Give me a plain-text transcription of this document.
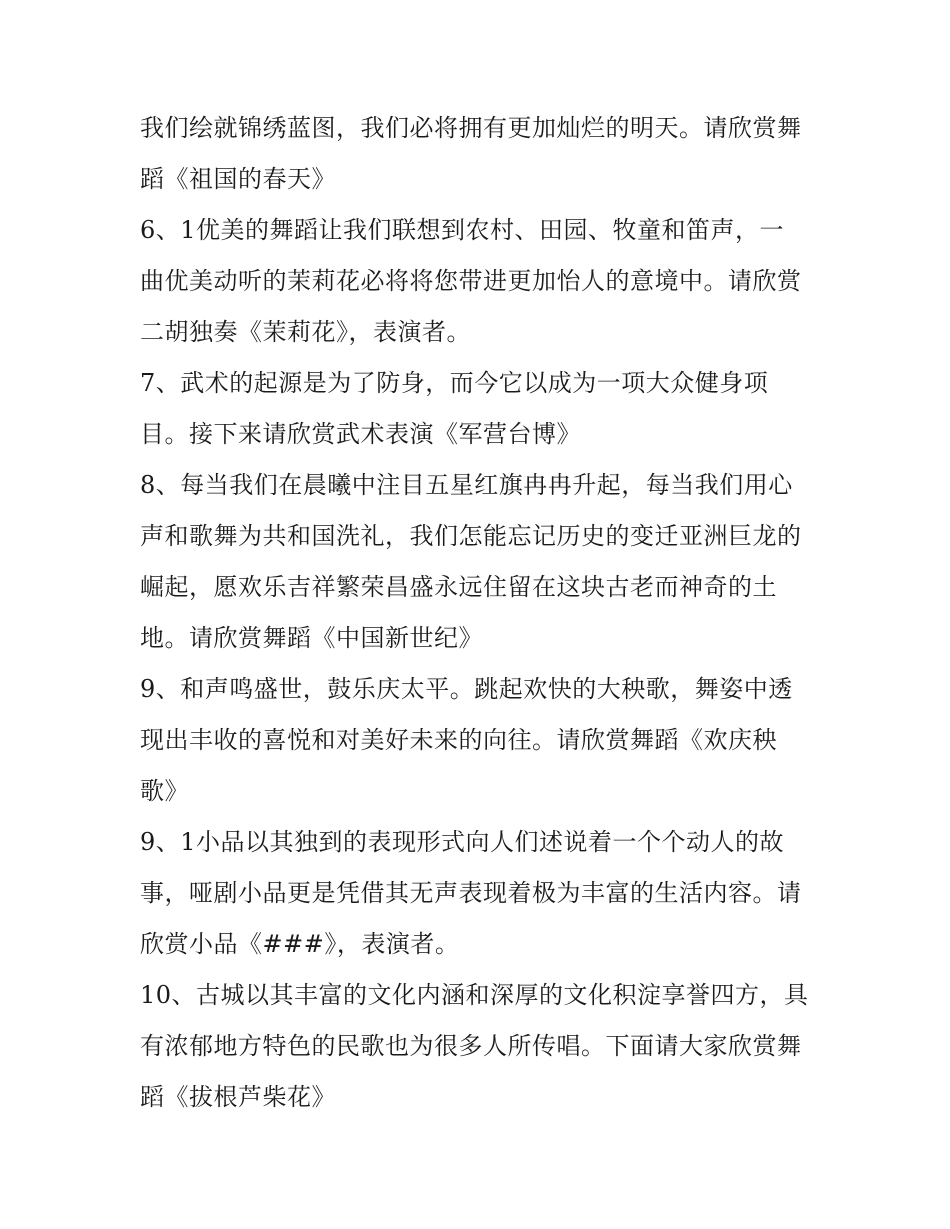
我们绘就锦绣蓝图，我们必将拥有更加灿烂的明天。请欣赏舞
蹈《祖国的春天》
6、1优美的舞蹈让我们联想到农村、田园、牧童和笛声，一
曲优美动听的茉莉花必将将您带进更加怡人的意境中。请欣赏
二胡独奏《茉莉花》，表演者。
7、武术的起源是为了防身，而今它以成为一项大众健身项
目。接下来请欣赏武术表演《军营台博》
8、每当我们在晨曦中注目五星红旗冉冉升起，每当我们用心
声和歌舞为共和国洗礼，我们怎能忘记历史的变迁亚洲巨龙的
崛起，愿欢乐吉祥繁荣昌盛永远住留在这块古老而神奇的土
地。请欣赏舞蹈《中国新世纪》
9、和声鸣盛世，鼓乐庆太平。跳起欢快的大秧歌，舞姿中透
现出丰收的喜悦和对美好未来的向往。请欣赏舞蹈《欢庆秧
歌》
9、1小品以其独到的表现形式向人们述说着一个个动人的故
事，哑剧小品更是凭借其无声表现着极为丰富的生活内容。请
欣赏小品《###》，表演者。
10、古城以其丰富的文化内涵和深厚的文化积淀享誉四方，具
有浓郁地方特色的民歌也为很多人所传唱。下面请大家欣赏舞
蹈《拔根芦柴花》
